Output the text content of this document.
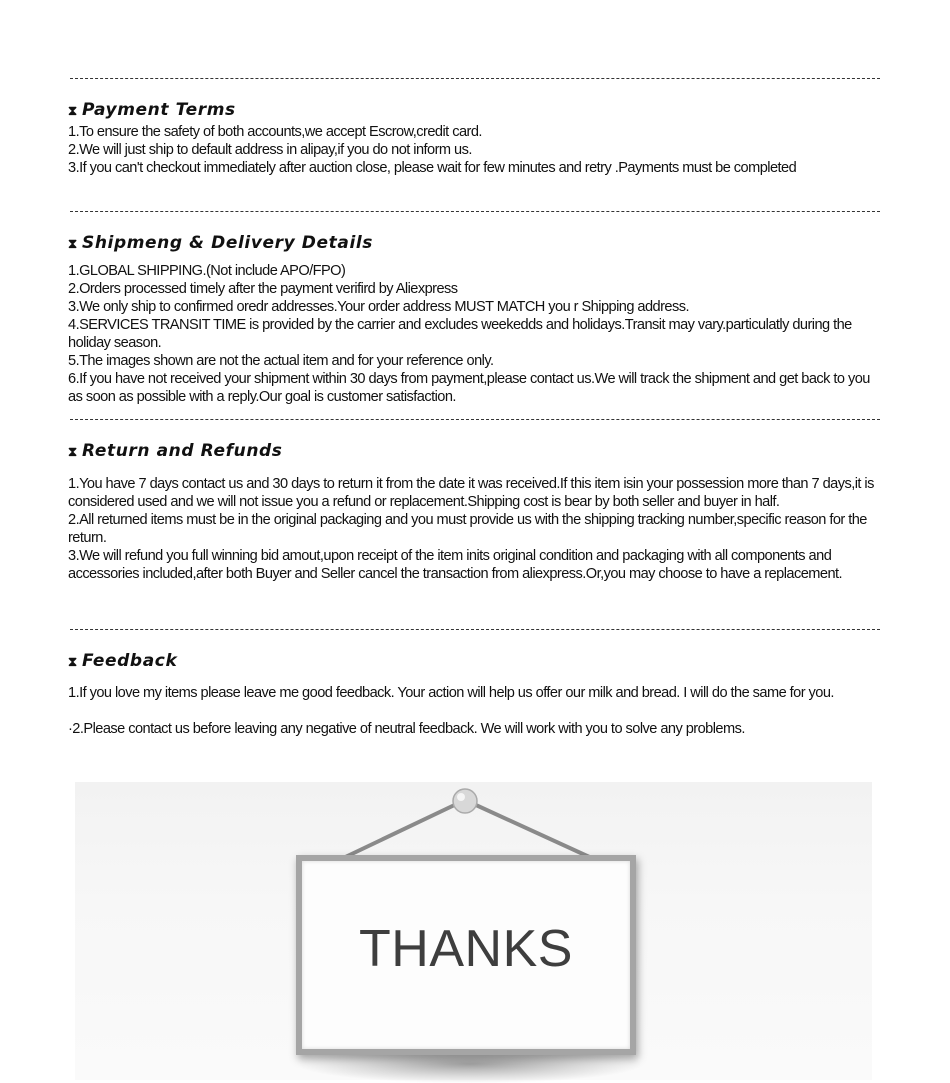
⧗ Payment Terms
1.To ensure the safety of both accounts,we accept Escrow,credit card.
2.We will just ship to default address in alipay,if you do not inform us.
3.If you can't checkout immediately after auction close, please wait for few minutes and retry .Payments must be completed
⧗ Shipmeng & Delivery Details
1.GLOBAL SHIPPING.(Not include APO/FPO)
2.Orders processed timely after the payment verifird by Aliexpress
3.We only ship to confirmed oredr addresses.Your order address MUST MATCH you r Shipping address.
4.SERVICES TRANSIT TIME is provided by the carrier and excludes weekedds and holidays.Transit may vary.particulatly during the holiday season.
5.The images shown are not the actual item and for your reference only.
6.If you have not received your shipment within 30 days from payment,please contact us.We will track the shipment and get back to you as soon as possible with a reply.Our goal is customer satisfaction.
⧗ Return and Refunds
1.You have 7 days contact us and 30 days to return it from the date it was received.If this item isin your possession more than 7 days,it is considered used and we will not issue you a refund or replacement.Shipping cost is bear by both seller and buyer in half.
2.All returned items must be in the original packaging and you must provide us with the shipping tracking number,specific reason for the return.
3.We will refund you full winning bid amout,upon receipt of the item inits original condition and packaging with all components and accessories included,after both Buyer and Seller cancel the transaction from aliexpress.Or,you may choose to have a replacement.
⧗ Feedback
1.If you love my items please leave me good feedback. Your action will help us offer our milk and bread. I will do the same for you.
·2.Please contact us before leaving any negative of neutral feedback. We will work with you to solve any problems.
THANKS
